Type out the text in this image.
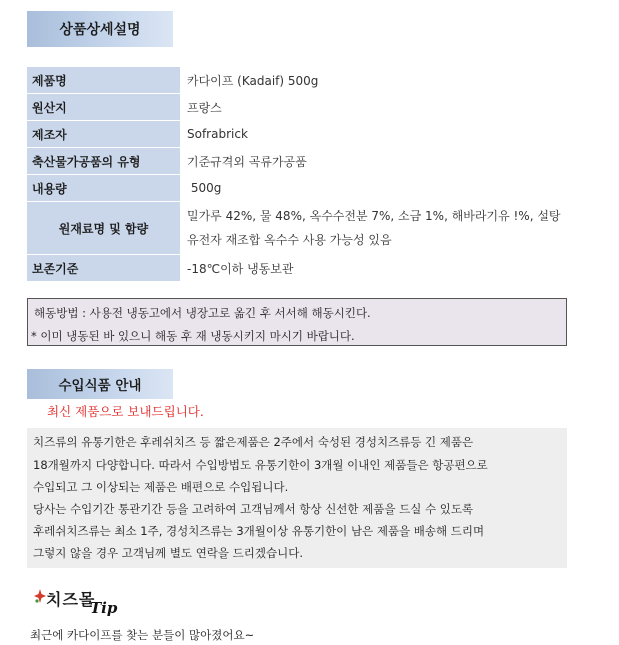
상품상세설명
제품명	카다이프 (Kadaif) 500g
원산지	프랑스
제조자	Sofrabrick
축산물가공품의 유형	기준규격외 곡류가공품
내용량	500g
원재료명 및 함량	밀가루 42%, 물 48%, 옥수수전분 7%, 소금 1%, 해바라기유 !%, 설탕
유전자 재조합 옥수수 사용 가능성 있음

보존기준	-18℃이하 냉동보관
해동방법 : 사용전 냉동고에서 냉장고로 옮긴 후 서서해 해동시킨다.
* 이미 냉동된 바 있으니 해동 후 재 냉동시키지 마시기 바랍니다.
수입식품 안내
최신 제품으로 보내드립니다.
치즈류의 유통기한은 후레쉬치즈 등 짧은제품은 2주에서 숙성된 경성치즈류등 긴 제품은
18개월까지 다양합니다. 따라서 수입방법도 유통기한이 3개월 이내인 제품들은 항공편으로
수입되고 그 이상되는 제품은 배편으로 수입됩니다.
당사는 수입기간 통관기간 등을 고려하여 고객님께서 항상 신선한 제품을 드실 수 있도록
후레쉬치즈류는 최소 1주, 경성치즈류는 3개월이상 유통기한이 남은 제품을 배송해 드리며
그렇지 않을 경우 고객님께 별도 연락을 드리겠습니다.
치즈몰
Tip
최근에 카다이프를 찾는 분들이 많아졌어요~
